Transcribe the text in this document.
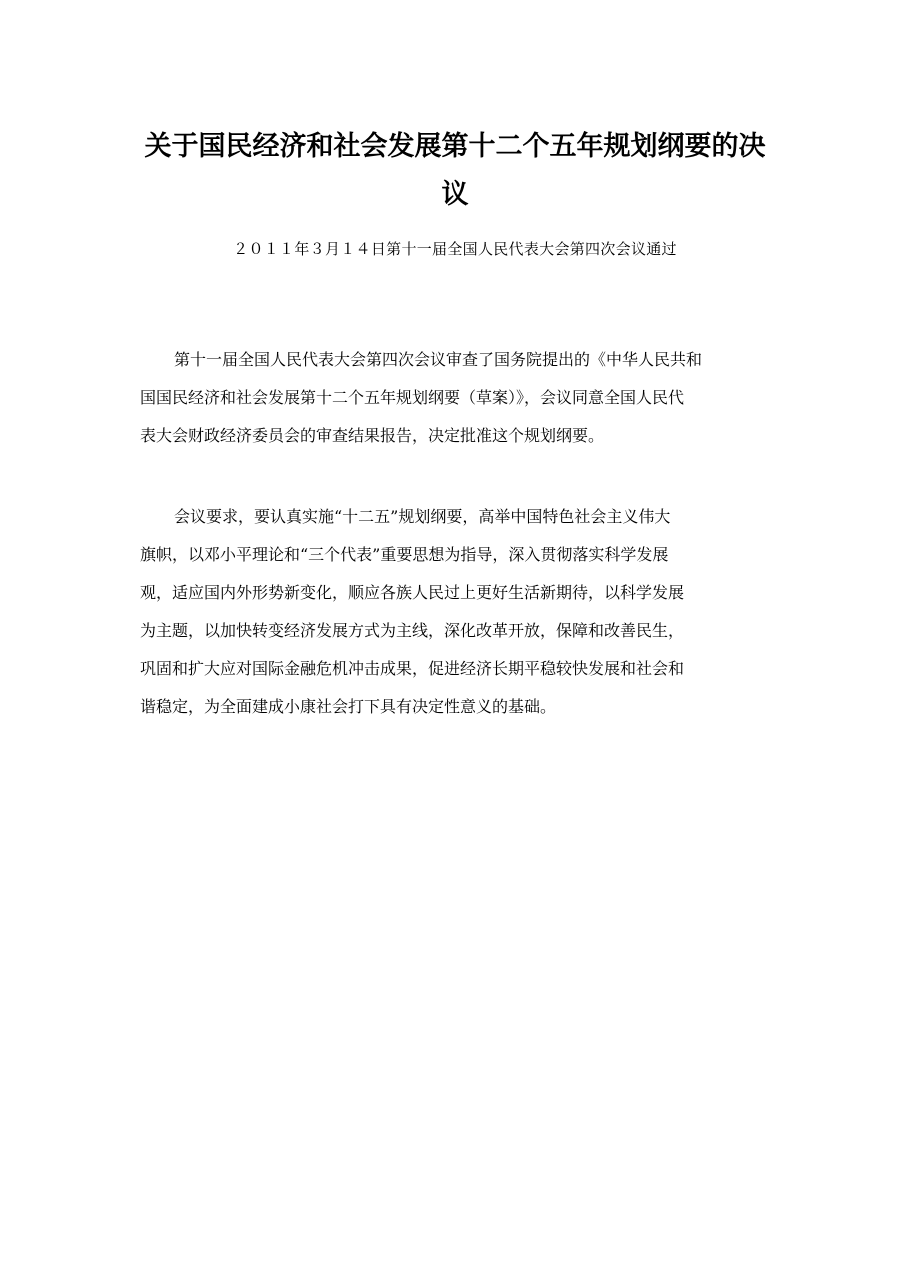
关于国民经济和社会发展第十二个五年规划纲要的决
议

２０１１年３月１４日第十一届全国人民代表大会第四次会议通过

第十一届全国人民代表大会第四次会议审查了国务院提出的《中华人民共和
国国民经济和社会发展第十二个五年规划纲要（草案）》，会议同意全国人民代
表大会财政经济委员会的审查结果报告，决定批准这个规划纲要。
会议要求，要认真实施“十二五”规划纲要，高举中国特色社会主义伟大
旗帜，以邓小平理论和“三个代表”重要思想为指导，深入贯彻落实科学发展
观，适应国内外形势新变化，顺应各族人民过上更好生活新期待，以科学发展
为主题，以加快转变经济发展方式为主线，深化改革开放，保障和改善民生，
巩固和扩大应对国际金融危机冲击成果，促进经济长期平稳较快发展和社会和
谐稳定，为全面建成小康社会打下具有决定性意义的基础。
